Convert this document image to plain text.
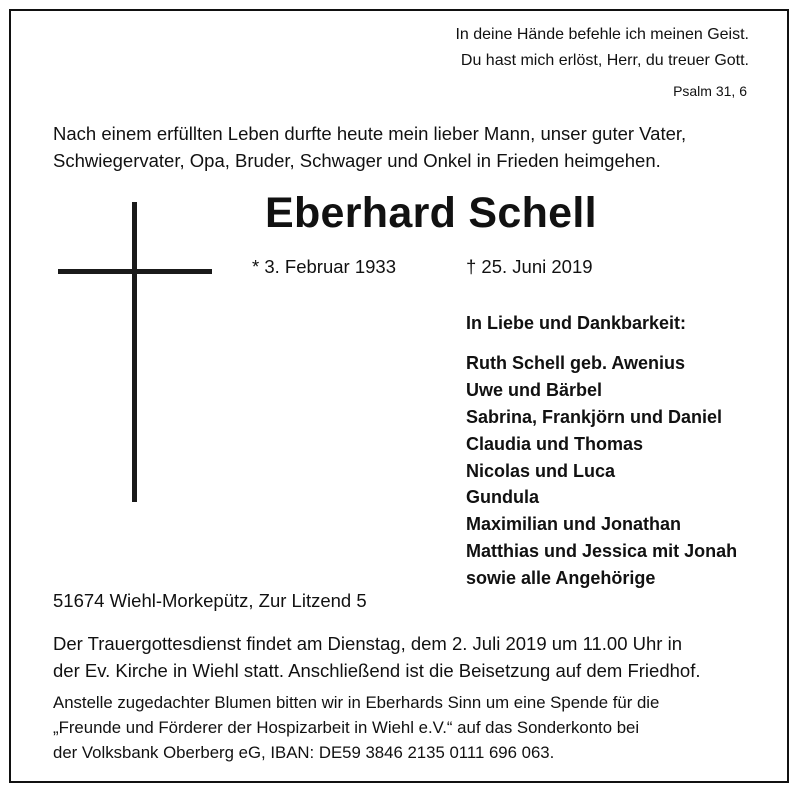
In deine Hände befehle ich meinen Geist.
Du hast mich erlöst, Herr, du treuer Gott.
Psalm 31, 6
Nach einem erfüllten Leben durfte heute mein lieber Mann, unser guter Vater,
Schwiegervater, Opa, Bruder, Schwager und Onkel in Frieden heimgehen.
Eberhard Schell
* 3. Februar 1933	† 25. Juni 2019
In Liebe und Dankbarkeit:
Ruth Schell geb. Awenius
Uwe und Bärbel
Sabrina, Frankjörn und Daniel
Claudia und Thomas
Nicolas und Luca
Gundula
Maximilian und Jonathan
Matthias und Jessica mit Jonah
sowie alle Angehörige
51674 Wiehl-Morkepütz, Zur Litzend 5
Der Trauergottesdienst findet am Dienstag, dem 2. Juli 2019 um 11.00 Uhr in
der Ev. Kirche in Wiehl statt. Anschließend ist die Beisetzung auf dem Friedhof.
Anstelle zugedachter Blumen bitten wir in Eberhards Sinn um eine Spende für die
„Freunde und Förderer der Hospizarbeit in Wiehl e.V.“ auf das Sonderkonto bei
der Volksbank Oberberg eG, IBAN: DE59 3846 2135 0111 696 063.
